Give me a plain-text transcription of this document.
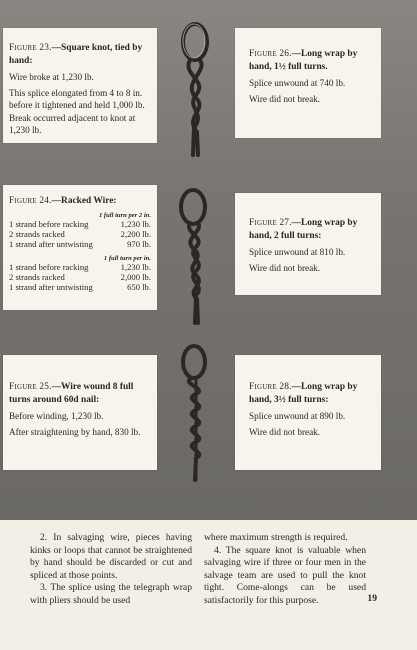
Figure 23.—Square knot, tied by hand:

Wire broke at 1,230 lb.

This splice elongated from 4 to 8 in. before it tightened and held 1,000 lb. Break occurred adjacent to knot at 1,230 lb.

Figure 26.—Long wrap by hand, 1½ full turns.

Splice unwound at 740 lb.

Wire did not break.

Figure 24.—Racked Wire:
	1 full turn per 2 in.
1 strand before racking	1,230 lb.
2 strands racked	2,200 lb.
1 strand after untwisting	970 lb.

	1 full turn per in.
1 strand before racking	1,230 lb.
2 strands racked	2,000 lb.
1 strand after untwisting	650 lb.
Figure 27.—Long wrap by hand, 2 full turns:

Splice unwound at 810 lb.

Wire did not break.

Figure 25.—Wire wound 8 full turns around 60d nail:

Before winding, 1,230 lb.

After straightening by hand, 830 lb.

Figure 28.—Long wrap by hand, 3½ full turns:

Splice unwound at 890 lb.

Wire did not break.

2. In salvaging wire, pieces having kinks or loops that cannot be straightened by hand should be discarded or cut and spliced at those points.

3. The splice using the telegraph wrap with pliers should be used

where maximum strength is required.

4. The square knot is valuable when salvaging wire if three or four men in the salvage team are used to pull the knot tight. Come-alongs can be used satisfactorily for this purpose.	19
